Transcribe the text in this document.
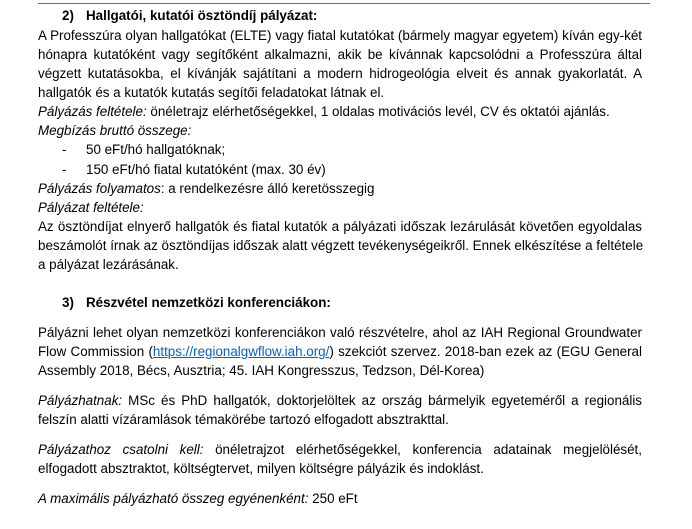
2) Hallgatói, kutatói ösztöndíj pályázat:
A Professzúra olyan hallgatókat (ELTE) vagy fiatal kutatókat (bármely magyar egyetem) kíván egy-két
hónapra kutatóként vagy segítőként alkalmazni, akik be kívánnak kapcsolódni a Professzúra által
végzett kutatásokba, el kívánják sajátítani a modern hidrogeológia elveit és annak gyakorlatát. A
hallgatók és a kutatók kutatás segítői feladatokat látnak el.
Pályázás feltétele: önéletrajz elérhetőségekkel, 1 oldalas motivációs levél, CV és oktatói ajánlás.
Megbízás bruttó összege:
- 50 eFt/hó hallgatóknak;
- 150 eFt/hó fiatal kutatóként (max. 30 év)
Pályázás folyamatos: a rendelkezésre álló keretösszegig
Pályázat feltétele:
Az ösztöndíjat elnyerő hallgatók és fiatal kutatók a pályázati időszak lezárulását követően egyoldalas
beszámolót írnak az ösztöndíjas időszak alatt végzett tevékenységeikről. Ennek elkészítése a feltétele
a pályázat lezárásának.
3) Részvétel nemzetközi konferenciákon:
Pályázni lehet olyan nemzetközi konferenciákon való részvételre, ahol az IAH Regional Groundwater
Flow Commission (https://regionalgwflow.iah.org/) szekciót szervez. 2018-ban ezek az (EGU General
Assembly 2018, Bécs, Ausztria; 45. IAH Kongresszus, Tedzson, Dél-Korea)
Pályázhatnak: MSc és PhD hallgatók, doktorjelöltek az ország bármelyik egyeteméről a regionális
felszín alatti vízáramlások témakörébe tartozó elfogadott absztrakttal.
Pályázathoz csatolni kell: önéletrajzot elérhetőségekkel, konferencia adatainak megjelölését,
elfogadott absztraktot, költségtervet, milyen költségre pályázik és indoklást.
A maximális pályázható összeg egyénenként: 250 eFt
